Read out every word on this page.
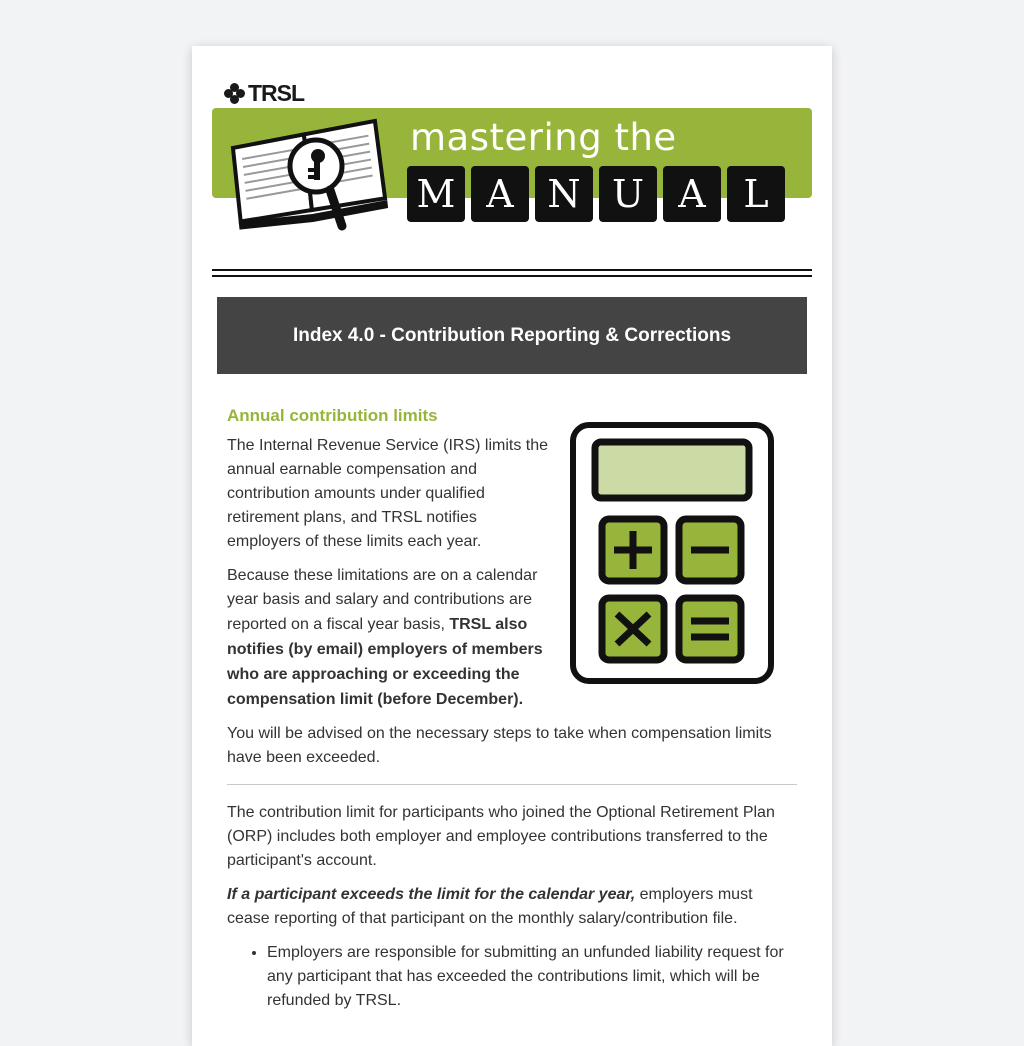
TRSL
mastering the
M A N U A L
Index 4.0 - Contribution Reporting & Corrections
Annual contribution limits

The Internal Revenue Service (IRS) limits the annual earnable compensation and contribution amounts under qualified retirement plans, and TRSL notifies employers of these limits each year.

Because these limitations are on a calendar year basis and salary and contributions are reported on a fiscal year basis, TRSL also notifies (by email) employers of members who are approaching or exceeding the compensation limit (before December).

You will be advised on the necessary steps to take when compensation limits have been exceeded.

The contribution limit for participants who joined the Optional Retirement Plan (ORP) includes both employer and employee contributions transferred to the participant's account.

If a participant exceeds the limit for the calendar year, employers must cease reporting of that participant on the monthly salary/contribution file.

• Employers are responsible for submitting an unfunded liability request for any participant that has exceeded the contributions limit, which will be refunded by TRSL.
